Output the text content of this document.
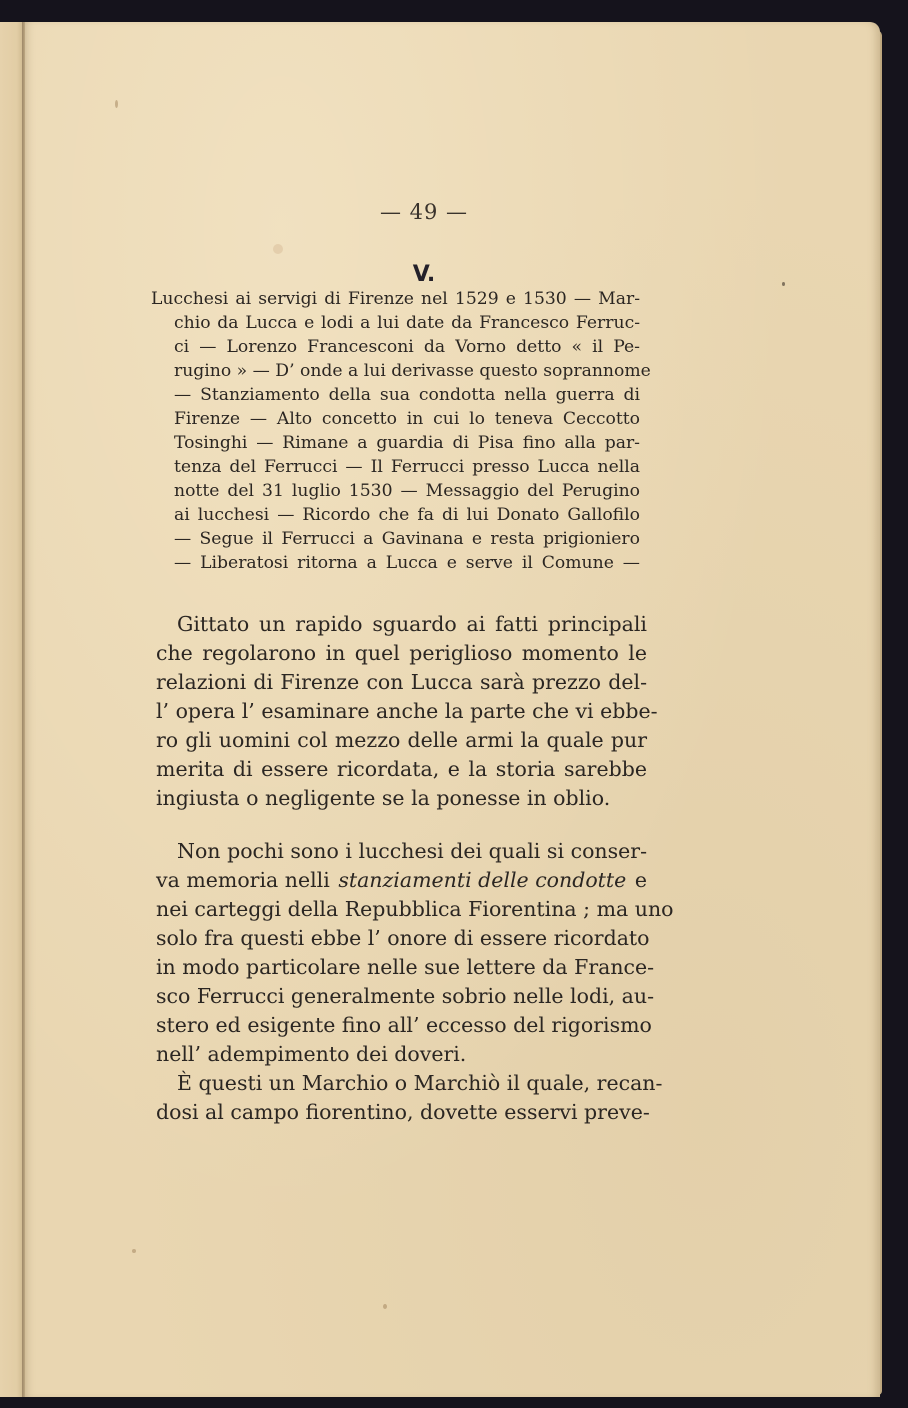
— 49 —
V.
Lucchesi ai servigi di Firenze nel 1529 e 1530 — Mar-
chio da Lucca e lodi a lui date da Francesco Ferruc-
ci — Lorenzo Francesconi da Vorno detto « il Pe-
rugino » — D’ onde a lui derivasse questo soprannome
— Stanziamento della sua condotta nella guerra di
Firenze — Alto concetto in cui lo teneva Ceccotto
Tosinghi — Rimane a guardia di Pisa fino alla par-
tenza del Ferrucci — Il Ferrucci presso Lucca nella
notte del 31 luglio 1530 — Messaggio del Perugino
ai lucchesi — Ricordo che fa di lui Donato Gallofilo
— Segue il Ferrucci a Gavinana e resta prigioniero
— Liberatosi ritorna a Lucca e serve il Comune —
Gittato un rapido sguardo ai fatti principali
che regolarono in quel periglioso momento le
relazioni di Firenze con Lucca sarà prezzo del-
l’ opera l’ esaminare anche la parte che vi ebbe-
ro gli uomini col mezzo delle armi la quale pur
merita di essere ricordata, e la storia sarebbe
ingiusta o negligente se la ponesse in oblio.
Non pochi sono i lucchesi dei quali si conser-
va memoria nelli stanziamenti delle condotte e
nei carteggi della Repubblica Fiorentina ; ma uno
solo fra questi ebbe l’ onore di essere ricordato
in modo particolare nelle sue lettere da France-
sco Ferrucci generalmente sobrio nelle lodi, au-
stero ed esigente fino all’ eccesso del rigorismo
nell’ adempimento dei doveri.
È questi un Marchio o Marchiò il quale, recan-
dosi al campo fiorentino, dovette esservi preve-
